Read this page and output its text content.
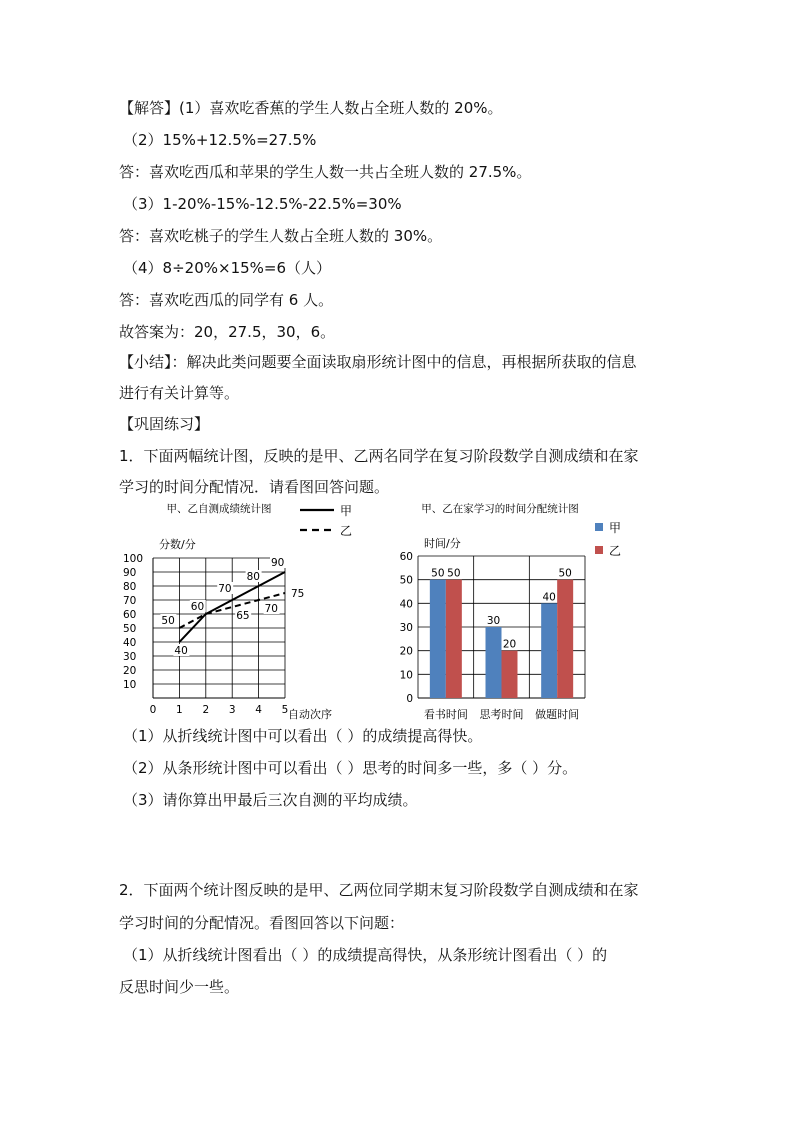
【解答】(1）喜欢吃香蕉的学生人数占全班人数的 20%。
（2）15%+12.5%=27.5%
答：喜欢吃西瓜和苹果的学生人数一共占全班人数的 27.5%。
（3）1-20%-15%-12.5%-22.5%=30%
答：喜欢吃桃子的学生人数占全班人数的 30%。
（4）8÷20%×15%=6（人）
答：喜欢吃西瓜的同学有 6 人。
故答案为：20，27.5，30，6。
【小结】：解决此类问题要全面读取扇形统计图中的信息，再根据所获取的信息
进行有关计算等。
【巩固练习】
1．下面两幅统计图，反映的是甲、乙两名同学在复习阶段数学自测成绩和在家
学习的时间分配情况．请看图回答问题。
甲、乙自测成绩统计图	甲
乙
分数/分
10
20
30
40
50
60
70
80
90
100
0 1 2 3 4 5 自动次序
40
60
70
80
90
50	65
70
75
甲、乙在家学习的时间分配统计图
甲
乙
时间/分
0
10
20
30
40
50
60
50 50
看书时间
30
20
思考时间
40
50
做题时间
（1）从折线统计图中可以看出（ ）的成绩提高得快。
（2）从条形统计图中可以看出（ ）思考的时间多一些，多（ ）分。
（3）请你算出甲最后三次自测的平均成绩。
2．下面两个统计图反映的是甲、乙两位同学期末复习阶段数学自测成绩和在家
学习时间的分配情况。看图回答以下问题：
（1）从折线统计图看出（ ）的成绩提高得快，从条形统计图看出（ ）的
反思时间少一些。
